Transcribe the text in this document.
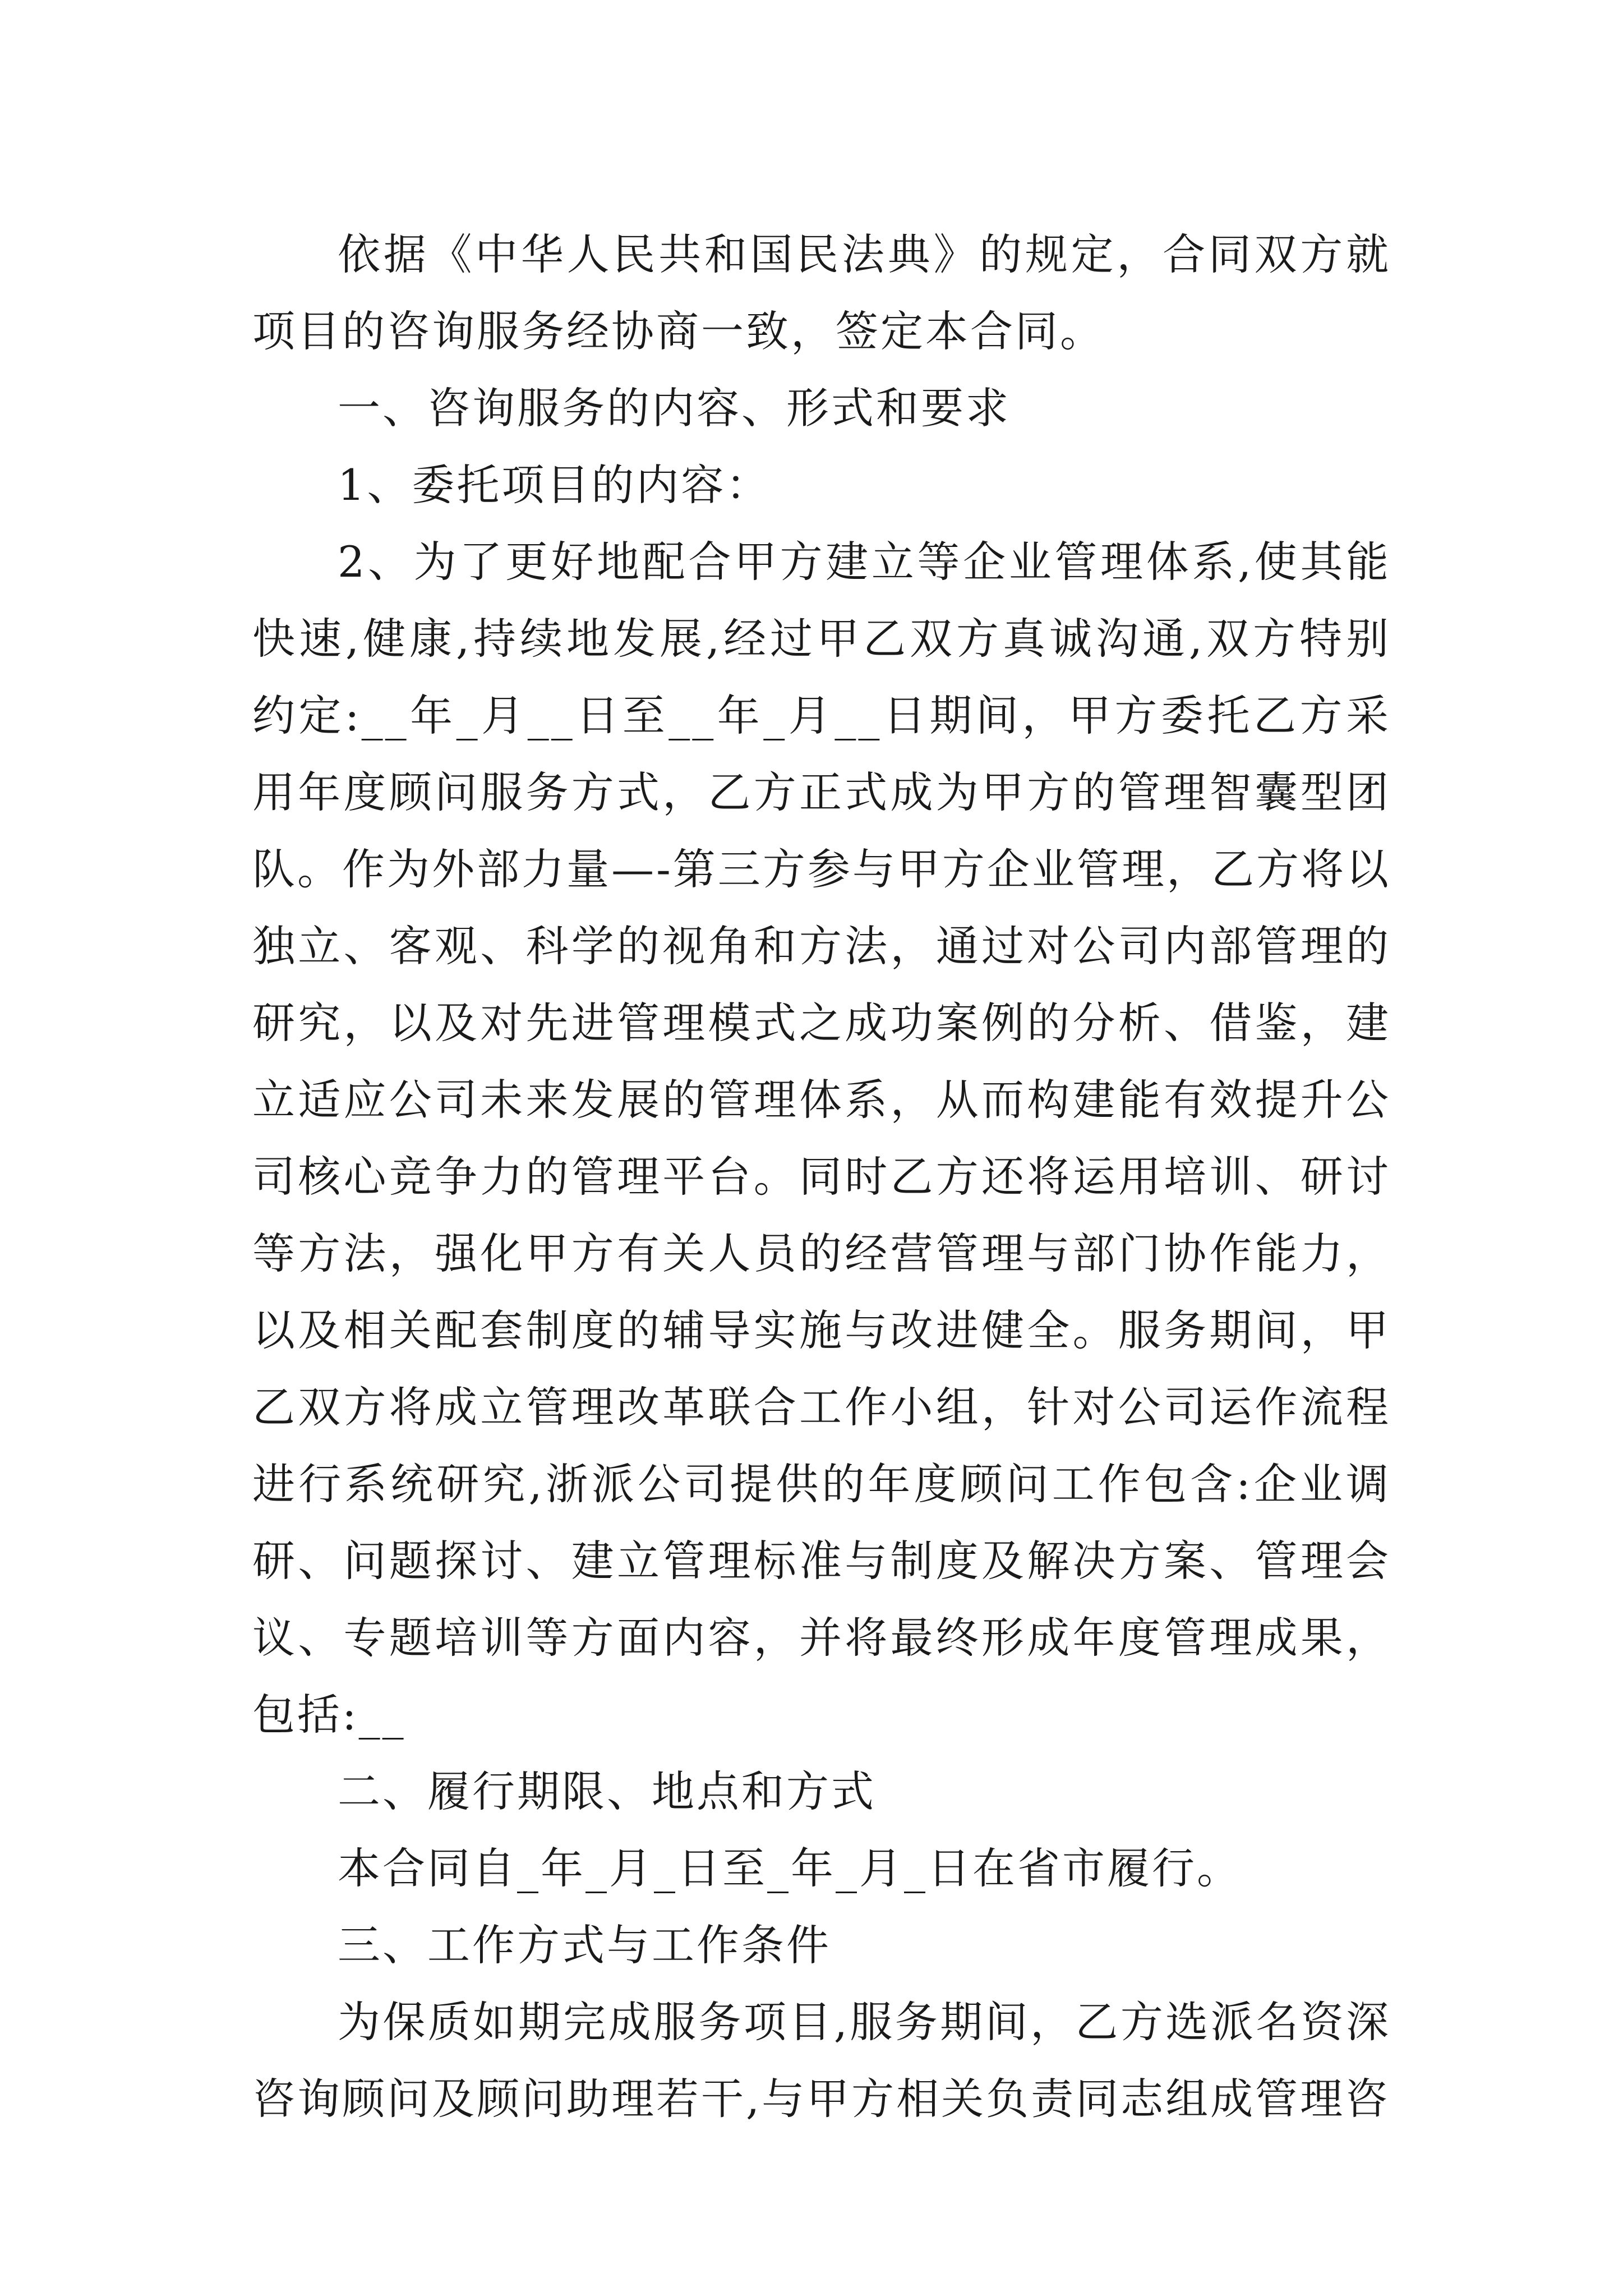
依据《中华人民共和国民法典》的规定，合同双方就项目的咨询服务经协商一致，签定本合同。

一、咨询服务的内容、形式和要求

1、委托项目的内容：

2、为了更好地配合甲方建立等企业管理体系,使其能快速,健康,持续地发展,经过甲乙双方真诚沟通,双方特别约定:__年_月__日至__年_月__日期间，甲方委托乙方采用年度顾问服务方式，乙方正式成为甲方的管理智囊型团队。作为外部力量—-第三方参与甲方企业管理，乙方将以独立、客观、科学的视角和方法，通过对公司内部管理的研究，以及对先进管理模式之成功案例的分析、借鉴，建立适应公司未来发展的管理体系，从而构建能有效提升公司核心竞争力的管理平台。同时乙方还将运用培训、研讨等方法，强化甲方有关人员的经营管理与部门协作能力，以及相关配套制度的辅导实施与改进健全。服务期间，甲乙双方将成立管理改革联合工作小组，针对公司运作流程进行系统研究,浙派公司提供的年度顾问工作包含:企业调研、问题探讨、建立管理标准与制度及解决方案、管理会议、专题培训等方面内容，并将最终形成年度管理成果，包括:__

二、履行期限、地点和方式

本合同自_年_月_日至_年_月_日在省市履行。

三、工作方式与工作条件

为保质如期完成服务项目,服务期间，乙方选派名资深咨询顾问及顾问助理若干,与甲方相关负责同志组成管理咨
